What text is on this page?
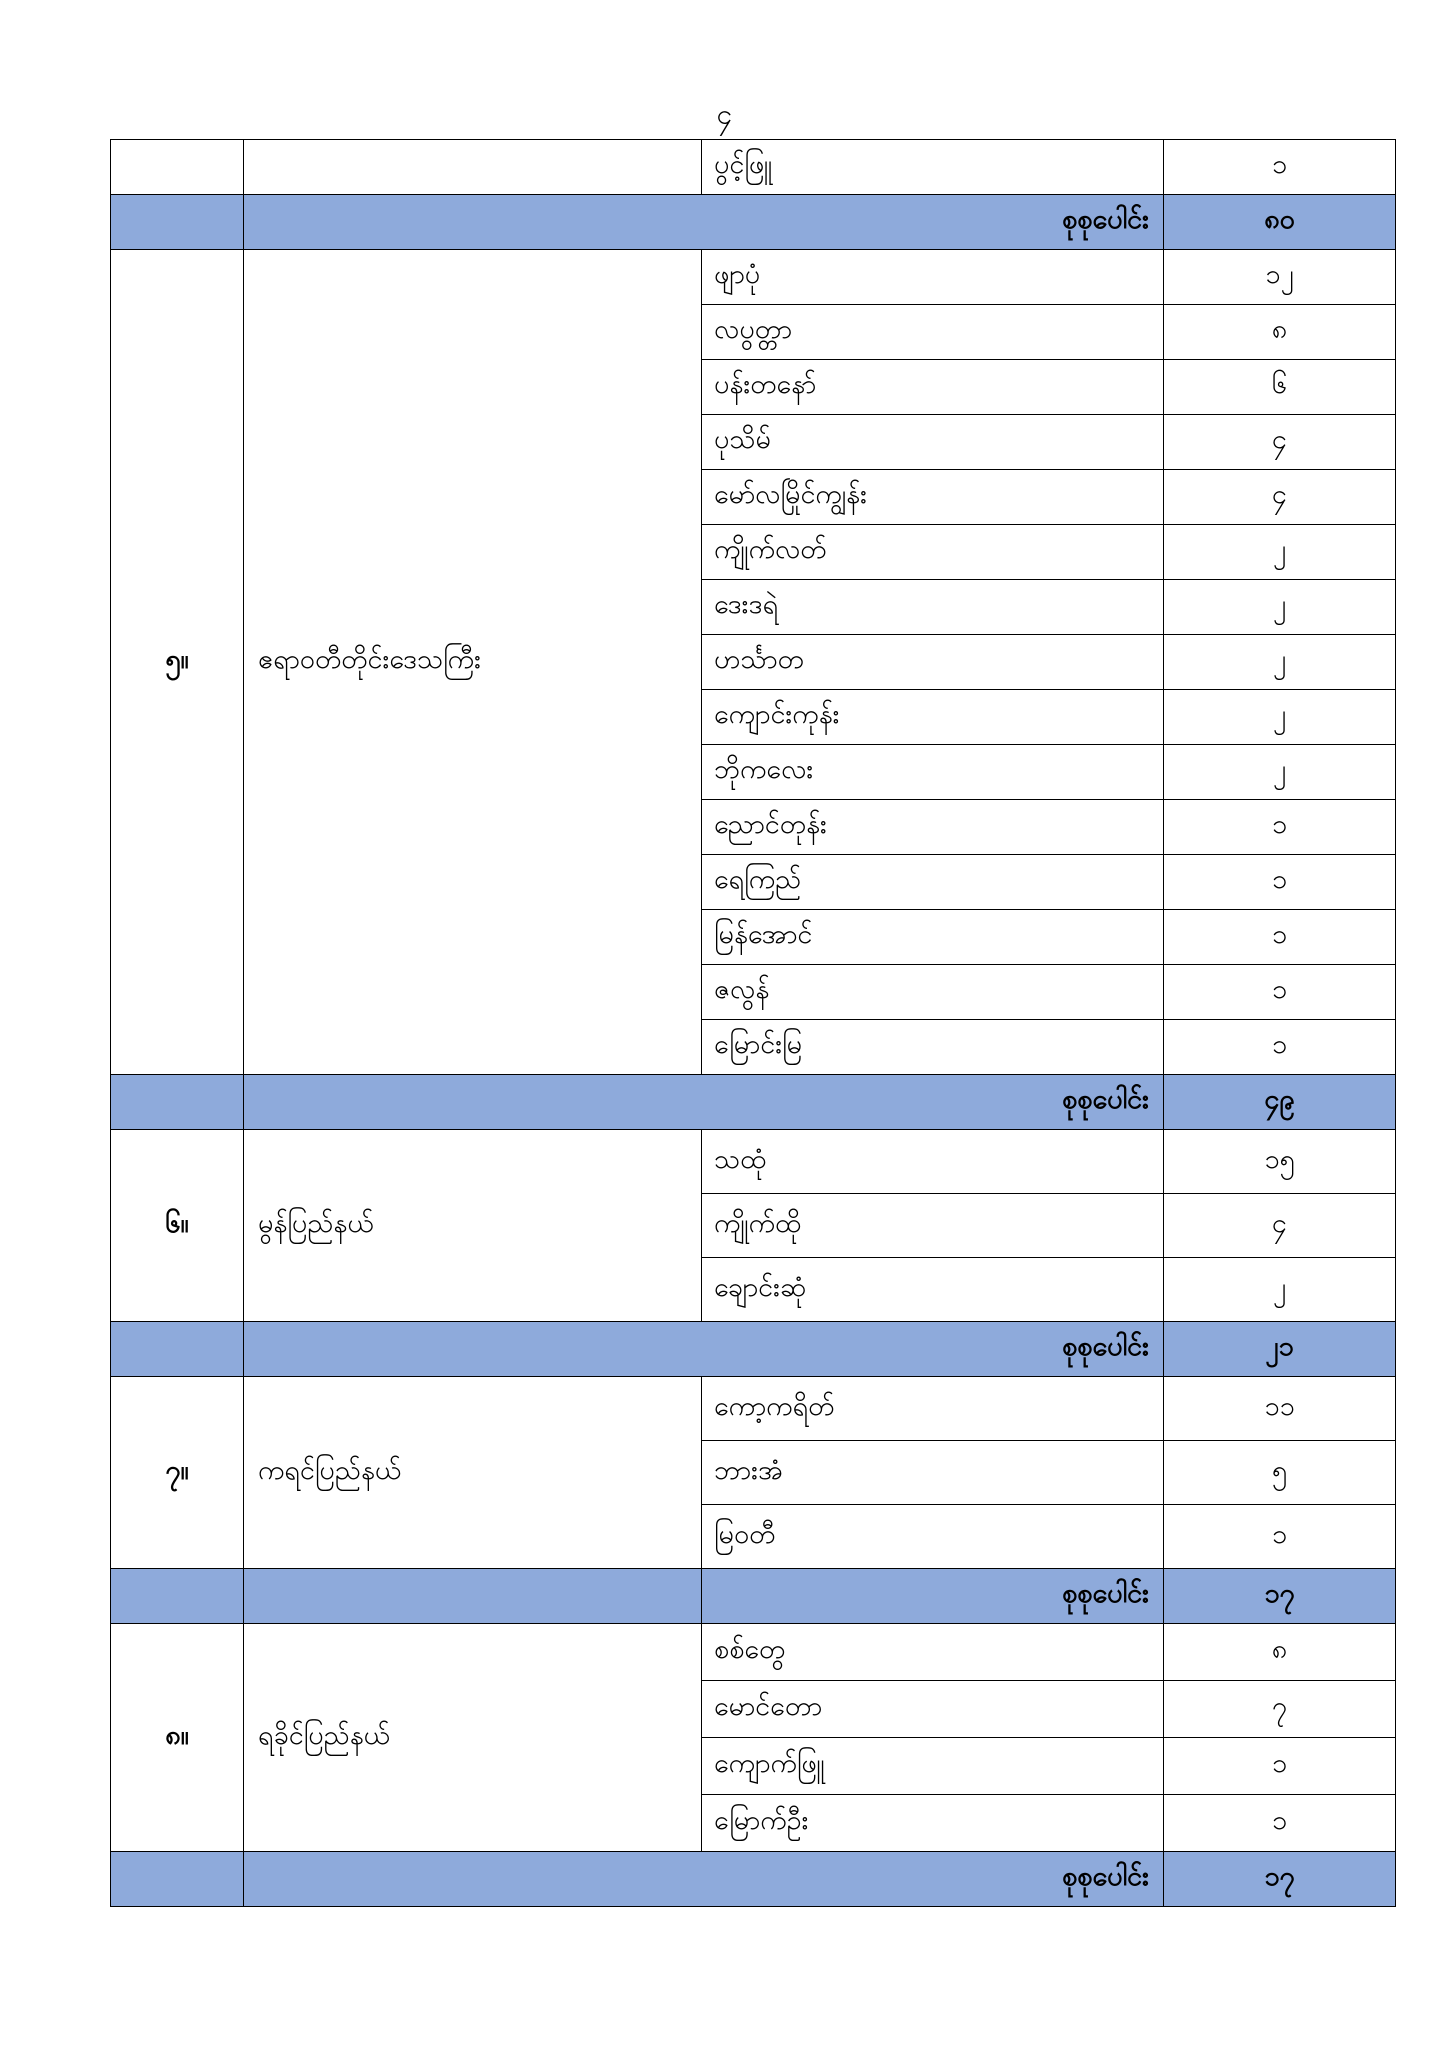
၄
		ပွင့်ဖြူ	၁
	စုစုပေါင်း		၈၀
၅။	ဧရာဝတီတိုင်းဒေသကြီး	ဖျာပုံ	၁၂
		လပွတ္တာ	၈
		ပန်းတနော်	၆
		ပုသိမ်	၄
		မော်လမြိုင်ကျွန်း	၄
		ကျိုက်လတ်	၂
		ဒေးဒရဲ	၂
		ဟင်္သာတ	၂
		ကျောင်းကုန်း	၂
		ဘိုကလေး	၂
		ညောင်တုန်း	၁
		ရေကြည်	၁
		မြန်အောင်	၁
		ဇလွန်	၁
		မြောင်းမြ	၁
	စုစုပေါင်း		၄၉
၆။	မွန်ပြည်နယ်	သထုံ	၁၅
		ကျိုက်ထို	၄
		ချောင်းဆုံ	၂
	စုစုပေါင်း		၂၁
၇။	ကရင်ပြည်နယ်	ကော့ကရိတ်	၁၁
		ဘားအံ	၅
		မြဝတီ	၁
		စုစုပေါင်း	၁၇
၈။	ရခိုင်ပြည်နယ်	စစ်တွေ	၈
		မောင်တော	၇
		ကျောက်ဖြူ	၁
		မြောက်ဦး	၁
	စုစုပေါင်း		၁၇
